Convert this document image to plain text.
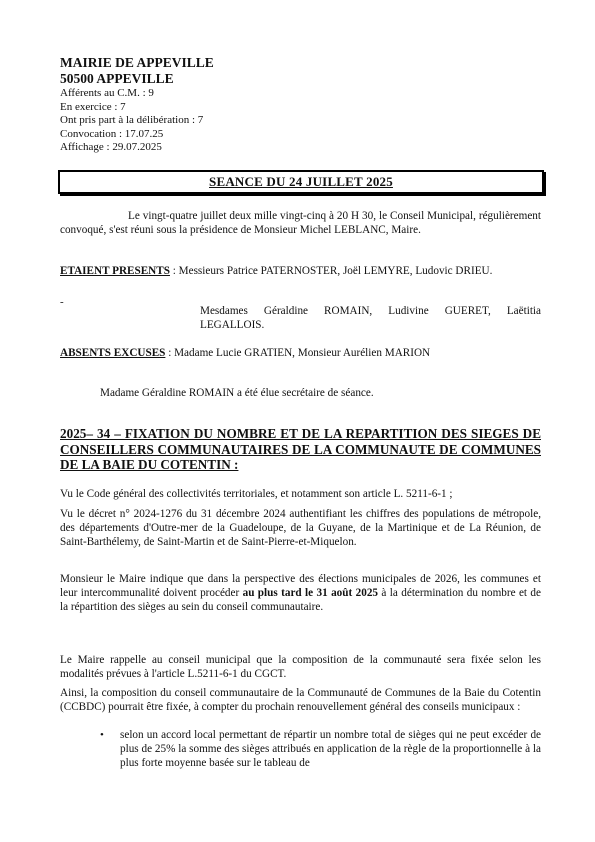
MAIRIE DE APPEVILLE
50500 APPEVILLE
Afférents au C.M. : 9
En exercice : 7
Ont pris part à la délibération : 7
Convocation : 17.07.25
Affichage : 29.07.2025
SEANCE DU 24 JUILLET 2025
Le vingt-quatre juillet deux mille vingt-cinq à 20 H 30, le Conseil Municipal, régulièrement convoqué, s'est réuni sous la présidence de Monsieur Michel LEBLANC, Maire.
ETAIENT PRESENTS : Messieurs Patrice PATERNOSTER, Joël LEMYRE, Ludovic DRIEU.
-
Mesdames Géraldine ROMAIN, Ludivine GUERET, Laëtitia LEGALLOIS.
ABSENTS EXCUSES : Madame Lucie GRATIEN, Monsieur Aurélien MARION
Madame Géraldine ROMAIN a été élue secrétaire de séance.
2025– 34 – FIXATION DU NOMBRE ET DE LA REPARTITION DES SIEGES DE CONSEILLERS COMMUNAUTAIRES DE LA COMMUNAUTE DE COMMUNES DE LA BAIE DU COTENTIN :
Vu le Code général des collectivités territoriales, et notamment son article L. 5211-6-1 ;
Vu le décret n° 2024-1276 du 31 décembre 2024 authentifiant les chiffres des populations de métropole, des départements d'Outre-mer de la Guadeloupe, de la Guyane, de la Martinique et de La Réunion, de Saint-Barthélemy, de Saint-Martin et de Saint-Pierre-et-Miquelon.
Monsieur le Maire indique que dans la perspective des élections municipales de 2026, les communes et leur intercommunalité doivent procéder au plus tard le 31 août 2025 à la détermination du nombre et de la répartition des sièges au sein du conseil communautaire.
Le Maire rappelle au conseil municipal que la composition de la communauté sera fixée selon les modalités prévues à l'article L.5211-6-1 du CGCT.
Ainsi, la composition du conseil communautaire de la Communauté de Communes de la Baie du Cotentin (CCBDC) pourrait être fixée, à compter du prochain renouvellement général des conseils municipaux :
•	selon un accord local permettant de répartir un nombre total de sièges qui ne peut excéder de plus de 25% la somme des sièges attribués en application de la règle de la proportionnelle à la plus forte moyenne basée sur le tableau de
